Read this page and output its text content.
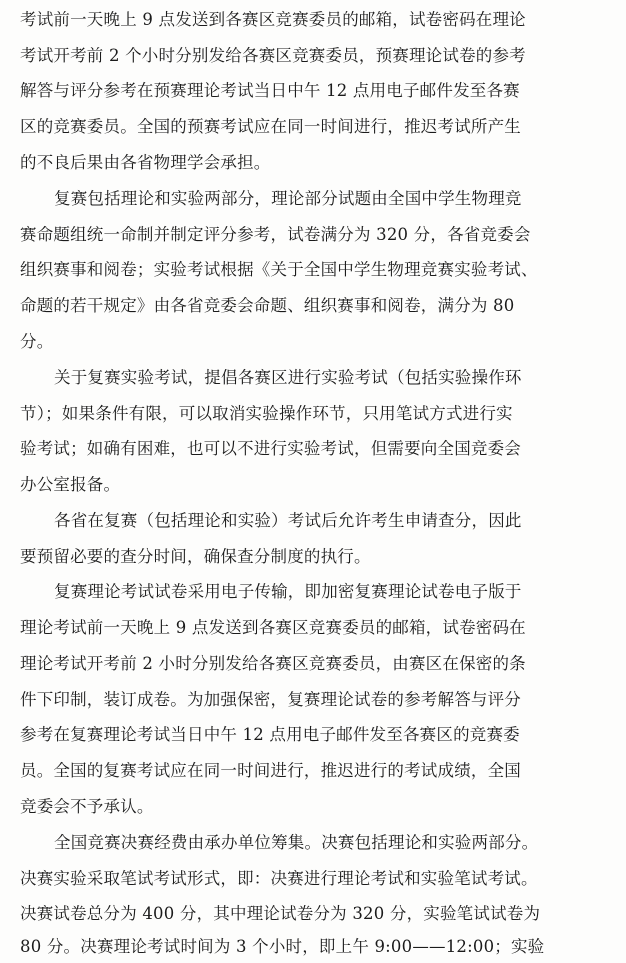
考试前一天晚上 9 点发送到各赛区竞赛委员的邮箱，试卷密码在理论
考试开考前 2 个小时分别发给各赛区竞赛委员，预赛理论试卷的参考
解答与评分参考在预赛理论考试当日中午 12 点用电子邮件发至各赛
区的竞赛委员。全国的预赛考试应在同一时间进行，推迟考试所产生
的不良后果由各省物理学会承担。
复赛包括理论和实验两部分，理论部分试题由全国中学生物理竞
赛命题组统一命制并制定评分参考，试卷满分为 320 分，各省竞委会
组织赛事和阅卷；实验考试根据《关于全国中学生物理竞赛实验考试、
命题的若干规定》由各省竞委会命题、组织赛事和阅卷，满分为 80
分。
关于复赛实验考试，提倡各赛区进行实验考试（包括实验操作环
节）；如果条件有限，可以取消实验操作环节，只用笔试方式进行实
验考试；如确有困难，也可以不进行实验考试，但需要向全国竞委会
办公室报备。
各省在复赛（包括理论和实验）考试后允许考生申请查分，因此
要预留必要的查分时间，确保查分制度的执行。
复赛理论考试试卷采用电子传输，即加密复赛理论试卷电子版于
理论考试前一天晚上 9 点发送到各赛区竞赛委员的邮箱，试卷密码在
理论考试开考前 2 小时分别发给各赛区竞赛委员，由赛区在保密的条
件下印制，装订成卷。为加强保密，复赛理论试卷的参考解答与评分
参考在复赛理论考试当日中午 12 点用电子邮件发至各赛区的竞赛委
员。全国的复赛考试应在同一时间进行，推迟进行的考试成绩，全国
竞委会不予承认。
全国竞赛决赛经费由承办单位筹集。决赛包括理论和实验两部分。
决赛实验采取笔试考试形式，即：决赛进行理论考试和实验笔试考试。
决赛试卷总分为 400 分，其中理论试卷分为 320 分，实验笔试试卷为
80 分。决赛理论考试时间为 3 个小时，即上午 9:00——12:00；实验
